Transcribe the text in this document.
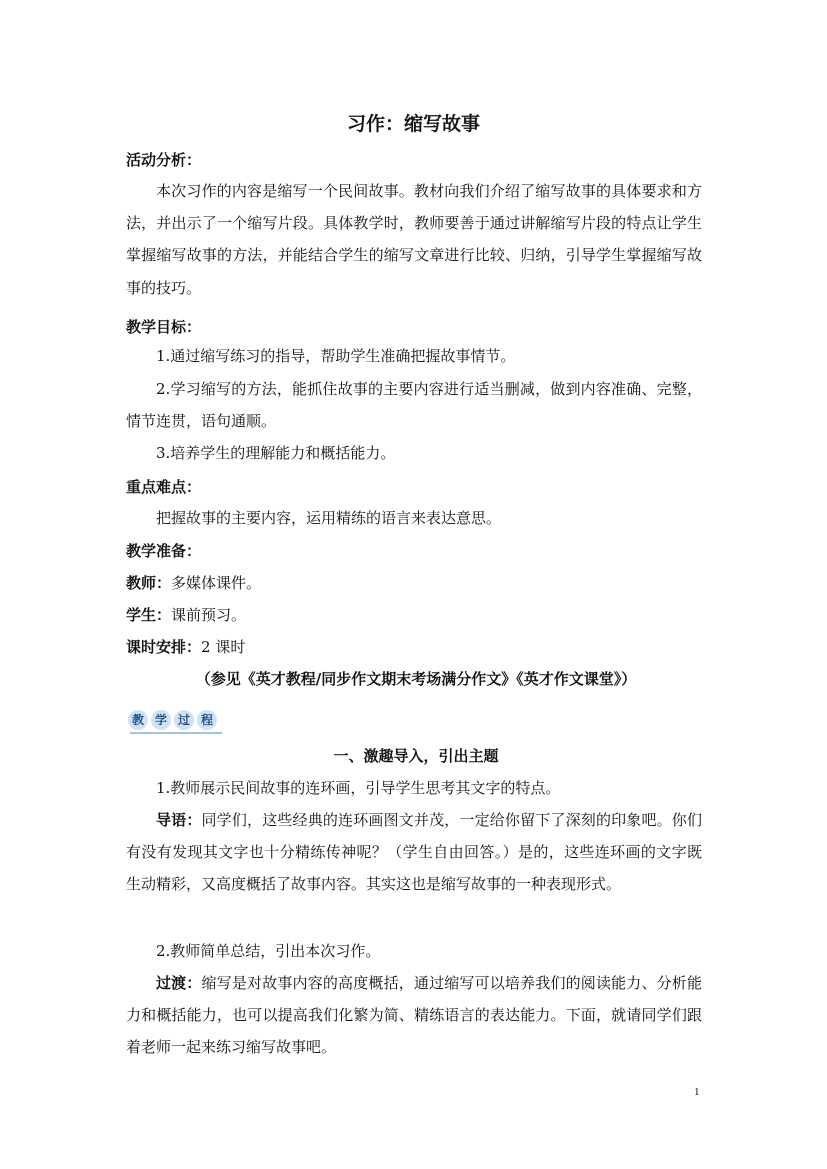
习作：缩写故事
活动分析：
本次习作的内容是缩写一个民间故事。教材向我们介绍了缩写故事的具体要求和方法，并出示了一个缩写片段。具体教学时，教师要善于通过讲解缩写片段的特点让学生掌握缩写故事的方法，并能结合学生的缩写文章进行比较、归纳，引导学生掌握缩写故事的技巧。
教学目标：
1.通过缩写练习的指导，帮助学生准确把握故事情节。
2.学习缩写的方法，能抓住故事的主要内容进行适当删减，做到内容准确、完整，情节连贯，语句通顺。
3.培养学生的理解能力和概括能力。
重点难点：
把握故事的主要内容，运用精练的语言来表达意思。
教学准备：
教师：多媒体课件。
学生：课前预习。
课时安排：2 课时
（参见《英才教程/同步作文期末考场满分作文》《英才作文课堂》）
教 学 过 程
一、激趣导入，引出主题
1.教师展示民间故事的连环画，引导学生思考其文字的特点。
导语：同学们，这些经典的连环画图文并茂，一定给你留下了深刻的印象吧。你们有没有发现其文字也十分精练传神呢？（学生自由回答。）是的，这些连环画的文字既生动精彩，又高度概括了故事内容。其实这也是缩写故事的一种表现形式。
2.教师简单总结，引出本次习作。
过渡：缩写是对故事内容的高度概括，通过缩写可以培养我们的阅读能力、分析能力和概括能力，也可以提高我们化繁为简、精练语言的表达能力。下面，就请同学们跟着老师一起来练习缩写故事吧。
1
